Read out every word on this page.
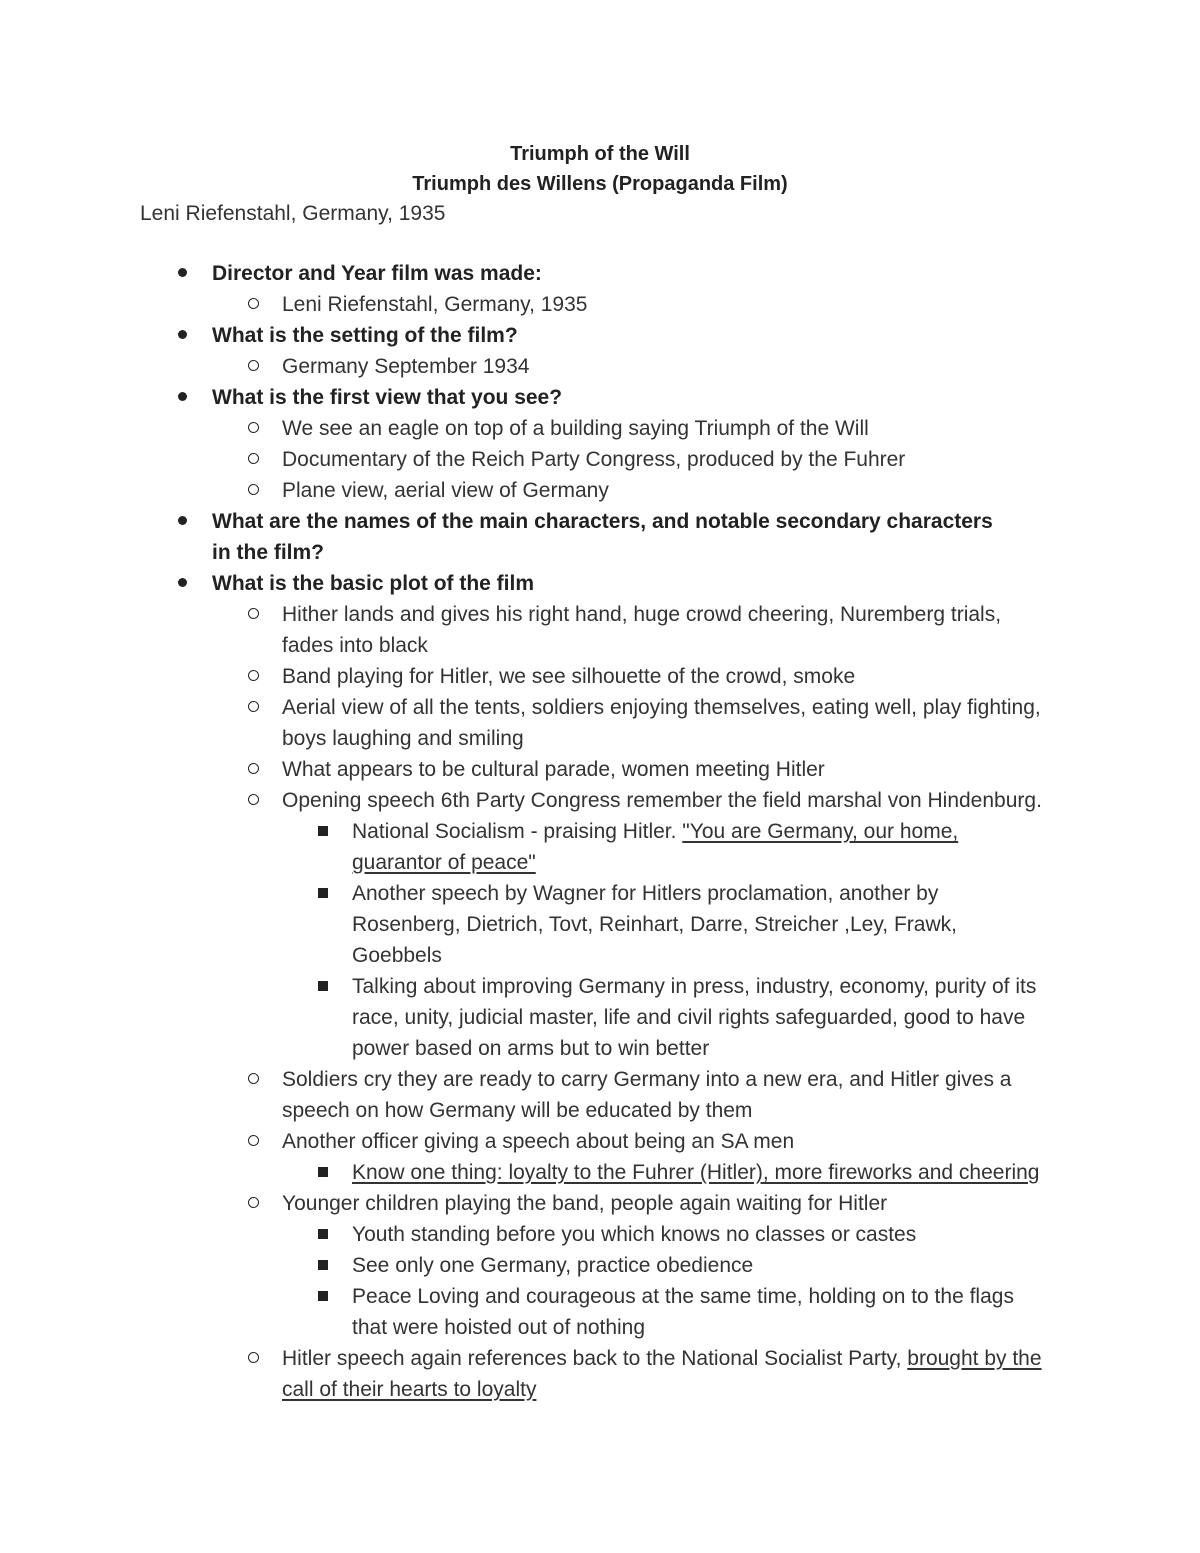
Triumph of the Will
Triumph des Willens (Propaganda Film)
Leni Riefenstahl, Germany, 1935
Director and Year film was made:
Leni Riefenstahl, Germany, 1935
What is the setting of the film?
Germany September 1934
What is the first view that you see?
We see an eagle on top of a building saying Triumph of the Will
Documentary of the Reich Party Congress, produced by the Fuhrer
Plane view, aerial view of Germany
What are the names of the main characters, and notable secondary characters in the film?
What is the basic plot of the film
Hither lands and gives his right hand, huge crowd cheering, Nuremberg trials, fades into black
Band playing for Hitler, we see silhouette of the crowd, smoke
Aerial view of all the tents, soldiers enjoying themselves, eating well, play fighting, boys laughing and smiling
What appears to be cultural parade, women meeting Hitler
Opening speech 6th Party Congress remember the field marshal von Hindenburg.
National Socialism - praising Hitler. "You are Germany, our home, guarantor of peace"
Another speech by Wagner for Hitlers proclamation, another by Rosenberg, Dietrich, Tovt, Reinhart, Darre, Streicher ,Ley, Frawk, Goebbels
Talking about improving Germany in press, industry, economy, purity of its race, unity, judicial master, life and civil rights safeguarded, good to have power based on arms but to win better
Soldiers cry they are ready to carry Germany into a new era, and Hitler gives a speech on how Germany will be educated by them
Another officer giving a speech about being an SA men
Know one thing: loyalty to the Fuhrer (Hitler), more fireworks and cheering
Younger children playing the band, people again waiting for Hitler
Youth standing before you which knows no classes or castes
See only one Germany, practice obedience
Peace Loving and courageous at the same time, holding on to the flags that were hoisted out of nothing
Hitler speech again references back to the National Socialist Party, brought by the call of their hearts to loyalty
